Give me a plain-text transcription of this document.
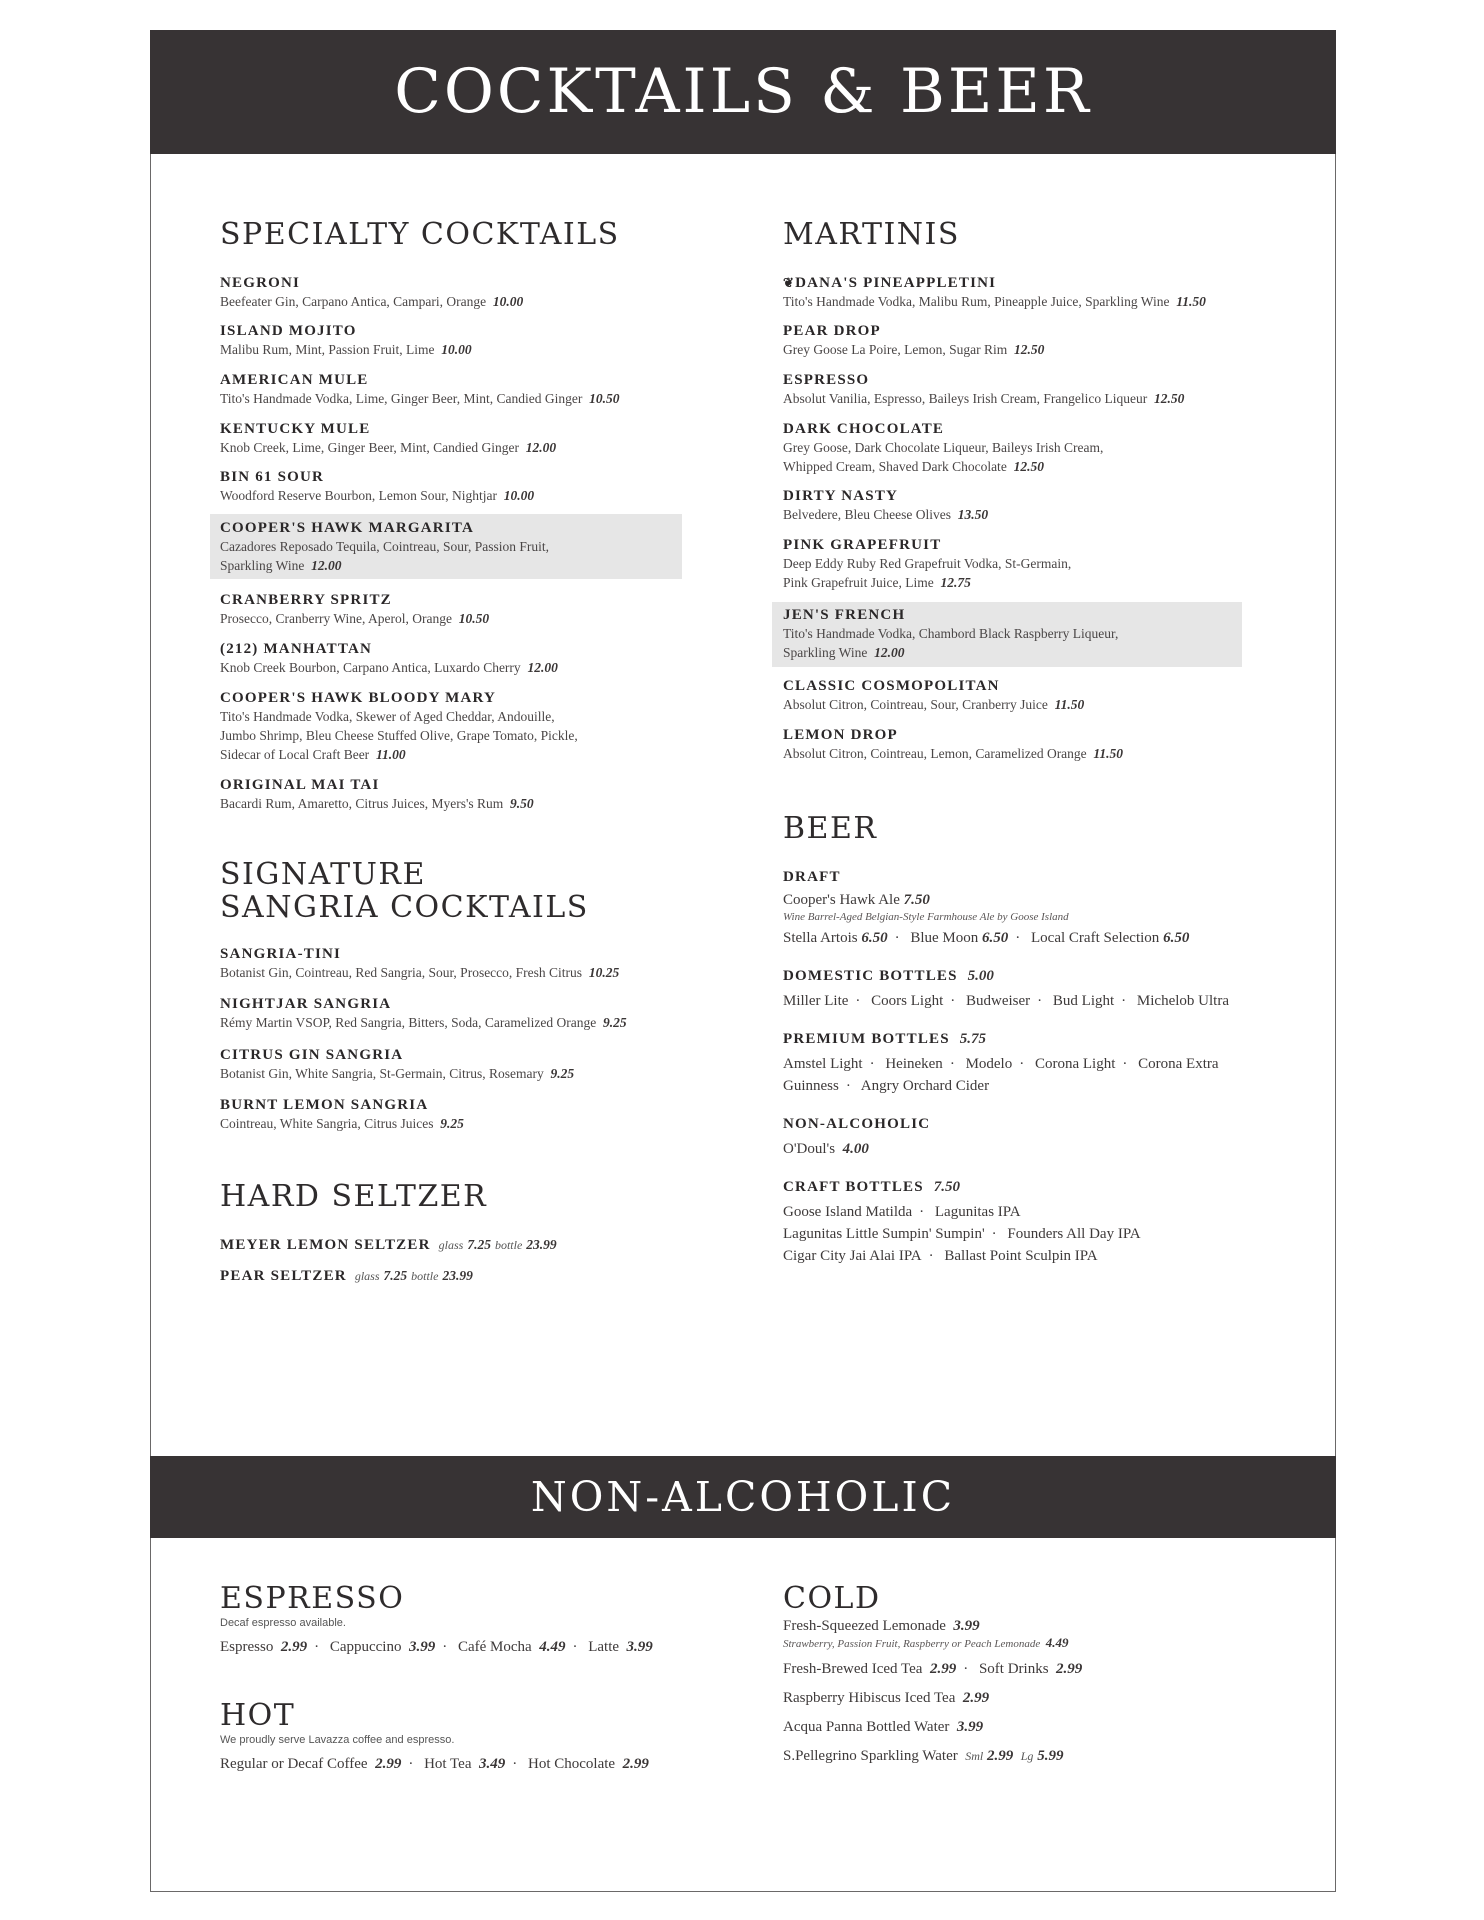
COCKTAILS & BEER
SPECIALTY COCKTAILS
NEGRONI
Beefeater Gin, Carpano Antica, Campari, Orange 10.00
ISLAND MOJITO
Malibu Rum, Mint, Passion Fruit, Lime 10.00
AMERICAN MULE
Tito's Handmade Vodka, Lime, Ginger Beer, Mint, Candied Ginger 10.50
KENTUCKY MULE
Knob Creek, Lime, Ginger Beer, Mint, Candied Ginger 12.00
BIN 61 SOUR
Woodford Reserve Bourbon, Lemon Sour, Nightjar 10.00
COOPER'S HAWK MARGARITA
Cazadores Reposado Tequila, Cointreau, Sour, Passion Fruit,
Sparkling Wine 12.00
CRANBERRY SPRITZ
Prosecco, Cranberry Wine, Aperol, Orange 10.50
(212) MANHATTAN
Knob Creek Bourbon, Carpano Antica, Luxardo Cherry 12.00
COOPER'S HAWK BLOODY MARY
Tito's Handmade Vodka, Skewer of Aged Cheddar, Andouille,
Jumbo Shrimp, Bleu Cheese Stuffed Olive, Grape Tomato, Pickle,
Sidecar of Local Craft Beer 11.00
ORIGINAL MAI TAI
Bacardi Rum, Amaretto, Citrus Juices, Myers's Rum 9.50
SIGNATURE
SANGRIA COCKTAILS
SANGRIA-TINI
Botanist Gin, Cointreau, Red Sangria, Sour, Prosecco, Fresh Citrus 10.25
NIGHTJAR SANGRIA
Rémy Martin VSOP, Red Sangria, Bitters, Soda, Caramelized Orange 9.25
CITRUS GIN SANGRIA
Botanist Gin, White Sangria, St-Germain, Citrus, Rosemary 9.25
BURNT LEMON SANGRIA
Cointreau, White Sangria, Citrus Juices 9.25
HARD SELTZER
MEYER LEMON SELTZER glass 7.25 bottle 23.99
PEAR SELTZER glass 7.25 bottle 23.99
MARTINIS
❦DANA'S PINEAPPLETINI
Tito's Handmade Vodka, Malibu Rum, Pineapple Juice, Sparkling Wine 11.50
PEAR DROP
Grey Goose La Poire, Lemon, Sugar Rim 12.50
ESPRESSO
Absolut Vanilia, Espresso, Baileys Irish Cream, Frangelico Liqueur 12.50
DARK CHOCOLATE
Grey Goose, Dark Chocolate Liqueur, Baileys Irish Cream,
Whipped Cream, Shaved Dark Chocolate 12.50
DIRTY NASTY
Belvedere, Bleu Cheese Olives 13.50
PINK GRAPEFRUIT
Deep Eddy Ruby Red Grapefruit Vodka, St-Germain,
Pink Grapefruit Juice, Lime 12.75
JEN'S FRENCH
Tito's Handmade Vodka, Chambord Black Raspberry Liqueur,
Sparkling Wine 12.00
CLASSIC COSMOPOLITAN
Absolut Citron, Cointreau, Sour, Cranberry Juice 11.50
LEMON DROP
Absolut Citron, Cointreau, Lemon, Caramelized Orange 11.50
BEER
DRAFT
Cooper's Hawk Ale 7.50
Wine Barrel-Aged Belgian-Style Farmhouse Ale by Goose Island
Stella Artois 6.50 · Blue Moon 6.50 · Local Craft Selection 6.50
DOMESTIC BOTTLES 5.00
Miller Lite · Coors Light · Budweiser · Bud Light · Michelob Ultra
PREMIUM BOTTLES 5.75
Amstel Light · Heineken · Modelo · Corona Light · Corona Extra
Guinness · Angry Orchard Cider
NON-ALCOHOLIC
O'Doul's 4.00
CRAFT BOTTLES 7.50
Goose Island Matilda · Lagunitas IPA
Lagunitas Little Sumpin' Sumpin' · Founders All Day IPA
Cigar City Jai Alai IPA · Ballast Point Sculpin IPA
NON-ALCOHOLIC
ESPRESSO
Decaf espresso available.
Espresso 2.99 · Cappuccino 3.99 · Café Mocha 4.49 · Latte 3.99
HOT
We proudly serve Lavazza coffee and espresso.
Regular or Decaf Coffee 2.99 · Hot Tea 3.49 · Hot Chocolate 2.99
COLD
Fresh-Squeezed Lemonade 3.99
Strawberry, Passion Fruit, Raspberry or Peach Lemonade 4.49
Fresh-Brewed Iced Tea 2.99 · Soft Drinks 2.99
Raspberry Hibiscus Iced Tea 2.99
Acqua Panna Bottled Water 3.99
S.Pellegrino Sparkling Water Sml 2.99 Lg 5.99
